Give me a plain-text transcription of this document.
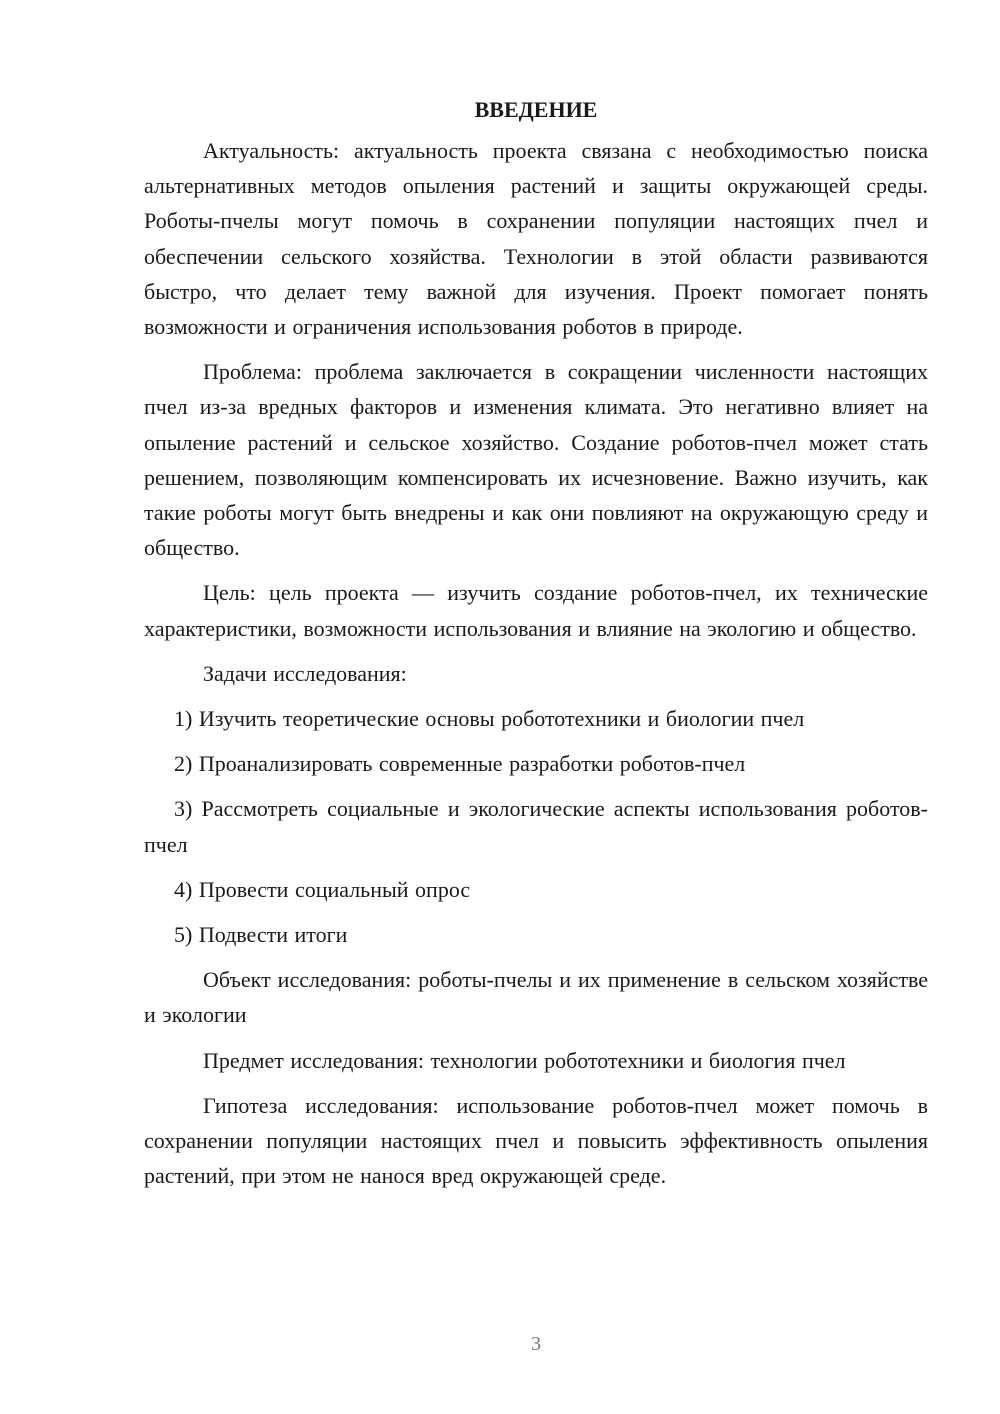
ВВЕДЕНИЕ

Актуальность: актуальность проекта связана с необходимостью поиска альтернативных методов опыления растений и защиты окружающей среды. Роботы-пчелы могут помочь в сохранении популяции настоящих пчел и обеспечении сельского хозяйства. Технологии в этой области развиваются быстро, что делает тему важной для изучения. Проект помогает понять возможности и ограничения использования роботов в природе.

Проблема: проблема заключается в сокращении численности настоящих пчел из-за вредных факторов и изменения климата. Это негативно влияет на опыление растений и сельское хозяйство. Создание роботов-пчел может стать решением, позволяющим компенсировать их исчезновение. Важно изучить, как такие роботы могут быть внедрены и как они повлияют на окружающую среду и общество.

Цель: цель проекта — изучить создание роботов-пчел, их технические характеристики, возможности использования и влияние на экологию и общество.

Задачи исследования:

1) Изучить теоретические основы робототехники и биологии пчел

2) Проанализировать современные разработки роботов-пчел

3) Рассмотреть социальные и экологические аспекты использования роботов-пчел

4) Провести социальный опрос

5) Подвести итоги

Объект исследования: роботы-пчелы и их применение в сельском хозяйстве и экологии

Предмет исследования: технологии робототехники и биология пчел

Гипотеза исследования: использование роботов-пчел может помочь в сохранении популяции настоящих пчел и повысить эффективность опыления растений, при этом не нанося вред окружающей среде.

3
